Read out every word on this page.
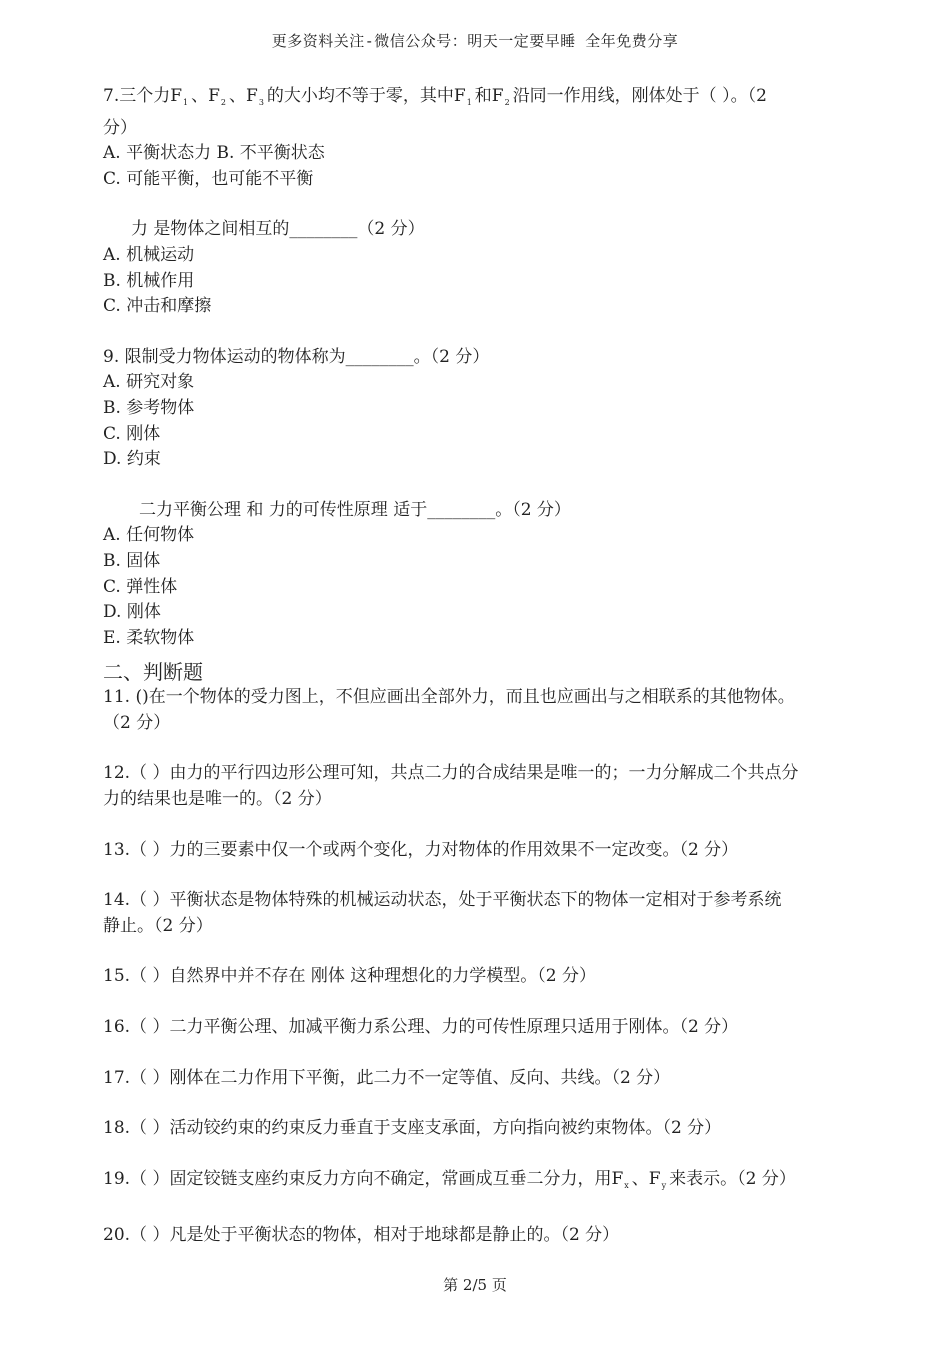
更多资料关注-微信公众号：明天一定要早睡 全年免费分享
7.三个力$F_1$ 、$F_2$ 、$F_3$ 的大小均不等于零，其中$F_1$ 和$F_2$ 沿同一作用线，刚体处于（ ）。（2
分）
A. 平衡状态力 B. 不平衡状态
C. 可能平衡，也可能不平衡
力 是物体之间相互的________（2 分）
A. 机械运动
B. 机械作用
C. 冲击和摩擦
9. 限制受力物体运动的物体称为________。（2 分）
A. 研究对象
B. 参考物体
C. 刚体
D. 约束
二力平衡公理 和 力的可传性原理 适于________。（2 分）
A. 任何物体
B. 固体
C. 弹性体
D. 刚体
E. 柔软物体
二、判断题
11. ()在一个物体的受力图上，不但应画出全部外力，而且也应画出与之相联系的其他物体。
（2 分）
12.（ ）由力的平行四边形公理可知，共点二力的合成结果是唯一的；一力分解成二个共点分
力的结果也是唯一的。（2 分）
13.（ ）力的三要素中仅一个或两个变化，力对物体的作用效果不一定改变。（2 分）
14.（ ）平衡状态是物体特殊的机械运动状态，处于平衡状态下的物体一定相对于参考系统
静止。（2 分）
15.（ ）自然界中并不存在 刚体 这种理想化的力学模型。（2 分）
16.（ ）二力平衡公理、加减平衡力系公理、力的可传性原理只适用于刚体。（2 分）
17.（ ）刚体在二力作用下平衡，此二力不一定等值、反向、共线。（2 分）
18.（ ）活动铰约束的约束反力垂直于支座支承面，方向指向被约束物体。（2 分）
19.（ ）固定铰链支座约束反力方向不确定，常画成互垂二分力，用$F_x$ 、$F_y$ 来表示。（2 分）
20.（ ）凡是处于平衡状态的物体，相对于地球都是静止的。（2 分）
第 2/5 页
